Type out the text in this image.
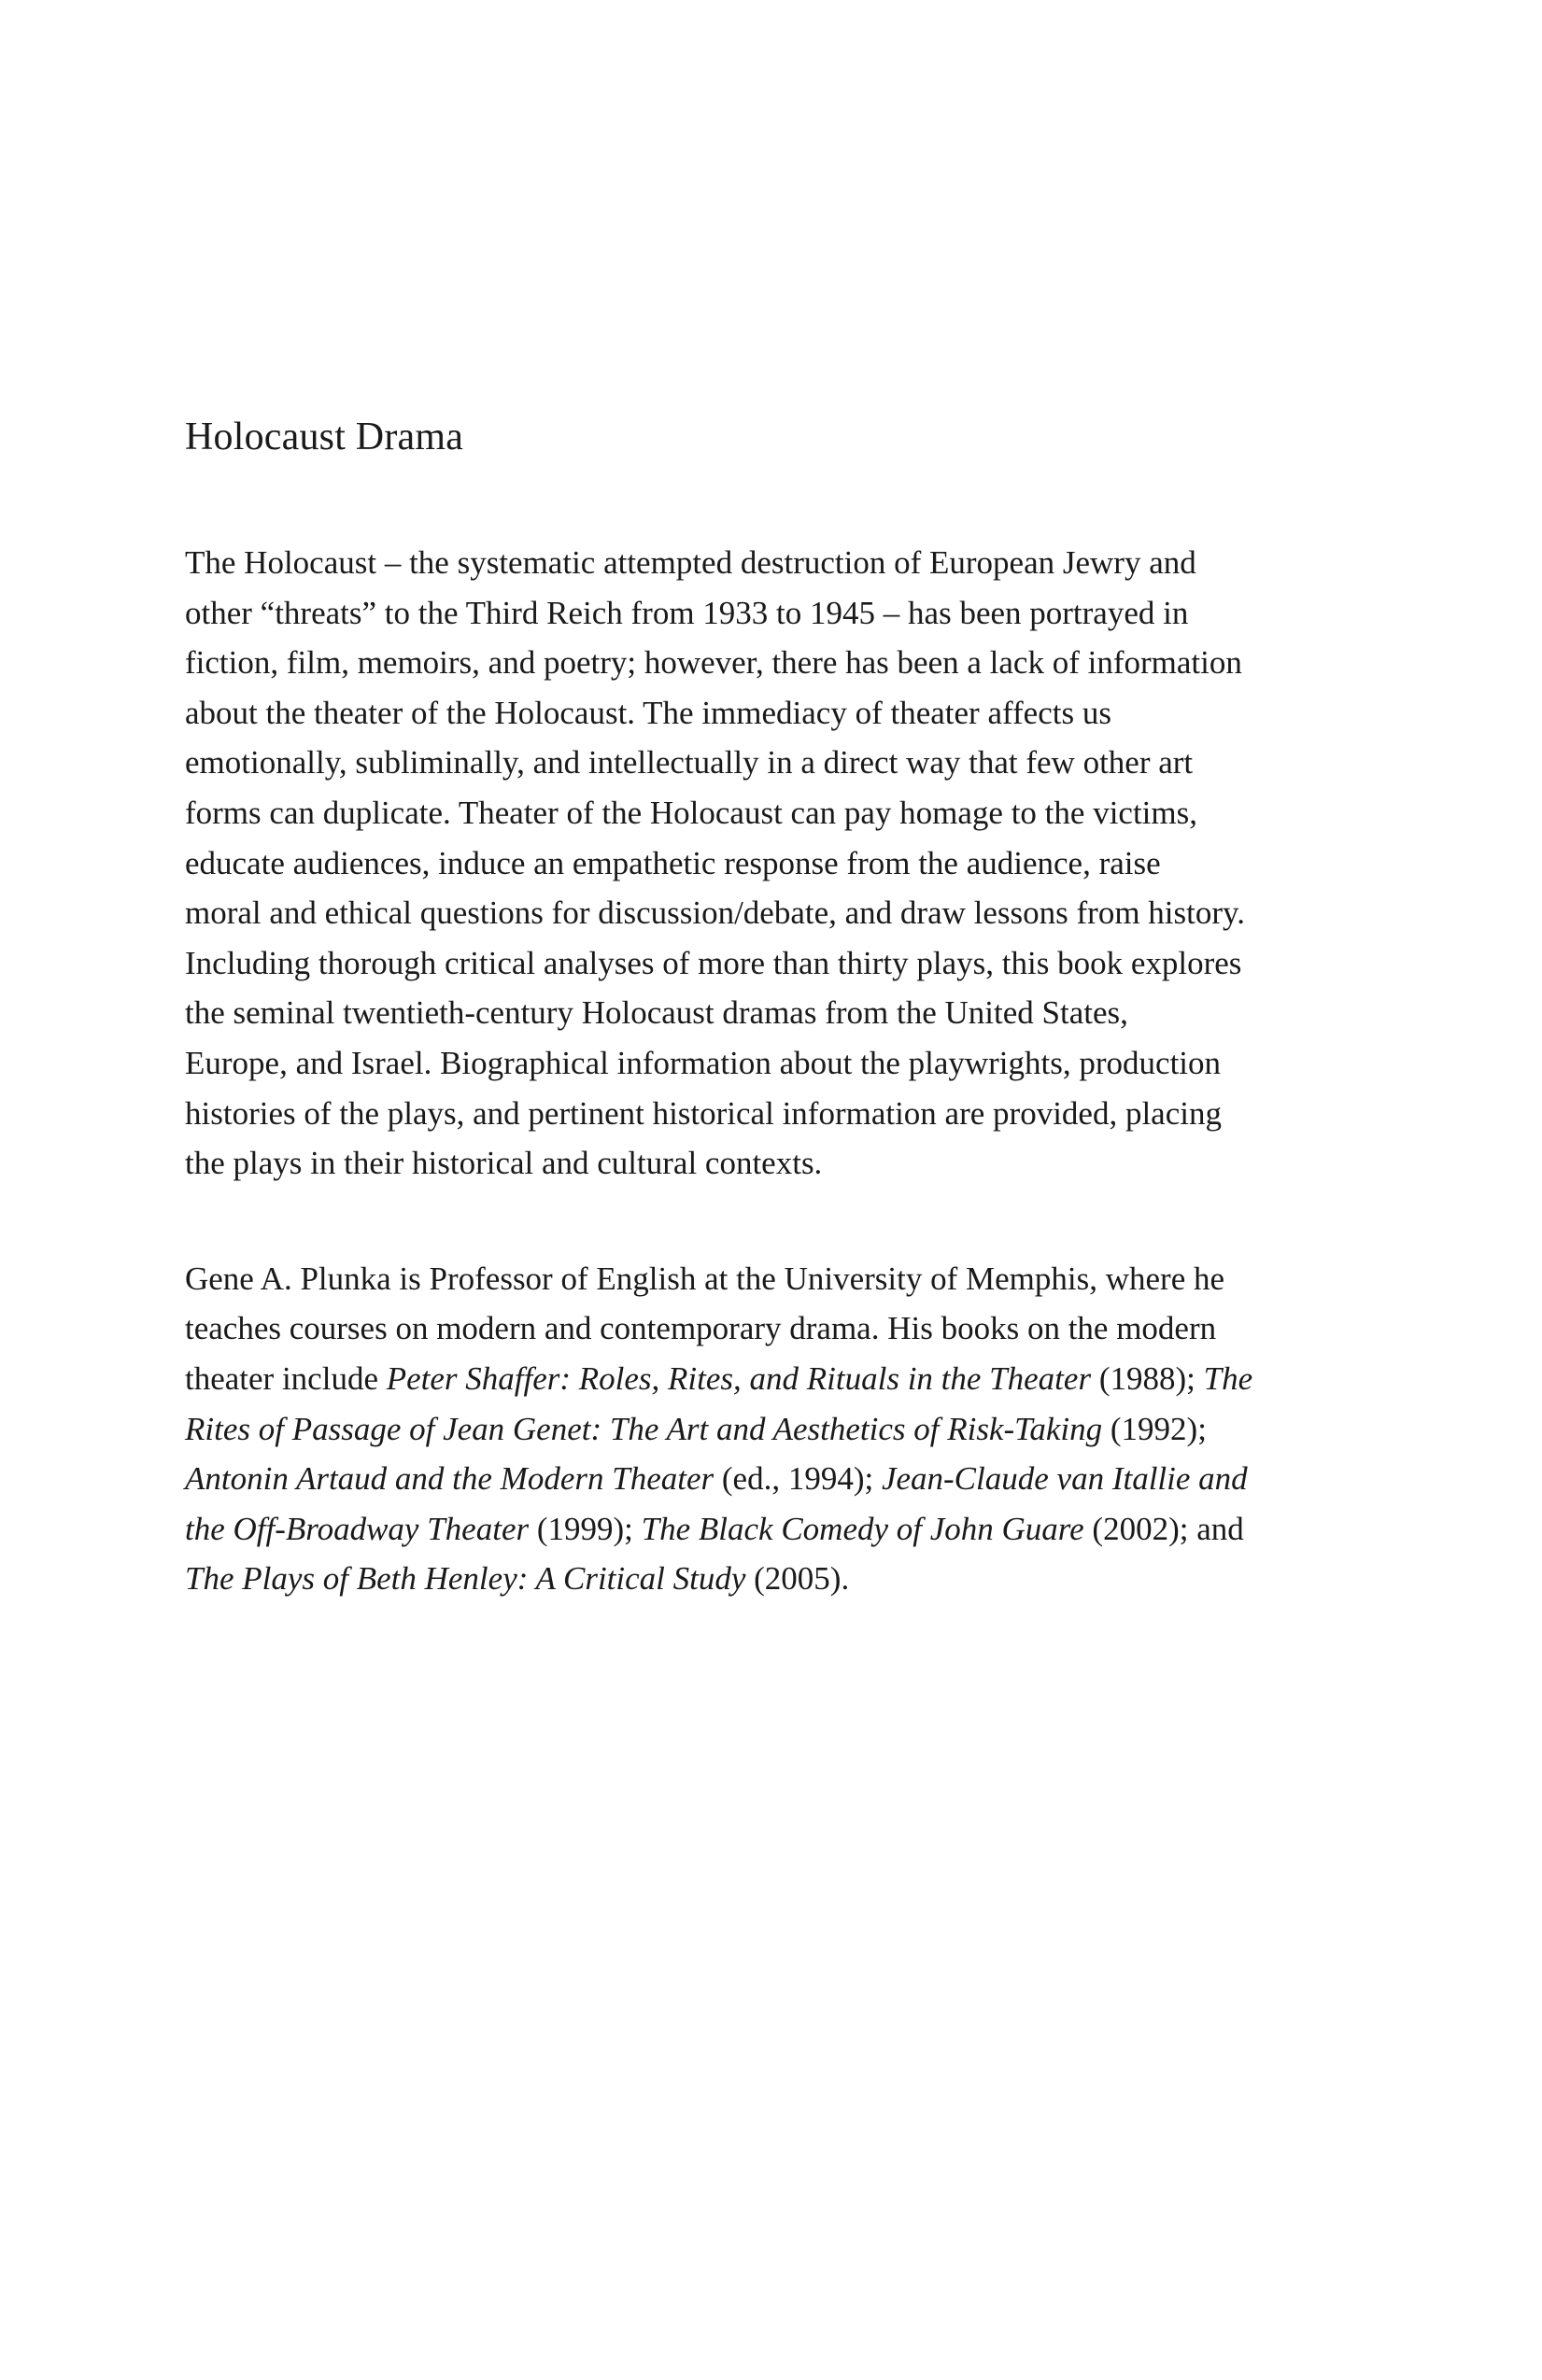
Holocaust Drama

The Holocaust – the systematic attempted destruction of European Jewry and
other “threats” to the Third Reich from 1933 to 1945 – has been portrayed in
fiction, film, memoirs, and poetry; however, there has been a lack of information
about the theater of the Holocaust. The immediacy of theater affects us
emotionally, subliminally, and intellectually in a direct way that few other art
forms can duplicate. Theater of the Holocaust can pay homage to the victims,
educate audiences, induce an empathetic response from the audience, raise
moral and ethical questions for discussion/debate, and draw lessons from history.
Including thorough critical analyses of more than thirty plays, this book explores
the seminal twentieth-century Holocaust dramas from the United States,
Europe, and Israel. Biographical information about the playwrights, production
histories of the plays, and pertinent historical information are provided, placing
the plays in their historical and cultural contexts.

Gene A. Plunka is Professor of English at the University of Memphis, where he
teaches courses on modern and contemporary drama. His books on the modern
theater include Peter Shaffer: Roles, Rites, and Rituals in the Theater (1988); The
Rites of Passage of Jean Genet: The Art and Aesthetics of Risk-Taking (1992);
Antonin Artaud and the Modern Theater (ed., 1994); Jean-Claude van Itallie and
the Off-Broadway Theater (1999); The Black Comedy of John Guare (2002); and
The Plays of Beth Henley: A Critical Study (2005).
